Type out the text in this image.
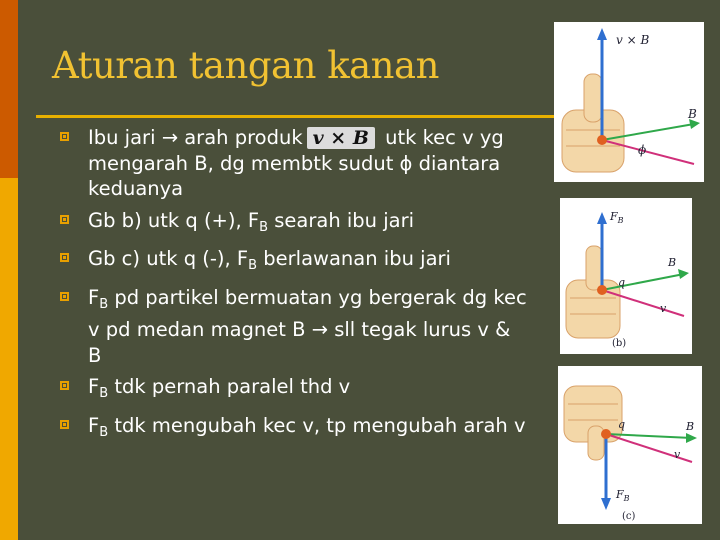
Aturan tangan kanan
Ibu jari → arah produk v × B utk kec v yg mengarah B, dg membtk sudut ϕ diantara keduanya
Gb b) utk q (+), $F_B$ searah ibu jari
Gb c) utk q (-), $F_B$ berlawanan ibu jari
$F_B$ pd partikel bermuatan yg bergerak dg kec v pd medan magnet B → sll tegak lurus v & B
$F_B$ tdk pernah paralel thd v
$F_B$ tdk mengubah kec v, tp mengubah arah v
v × B
B
ϕ
$F_B$
B
v
q
(b)
q	B
v
$F_B$
(c)
